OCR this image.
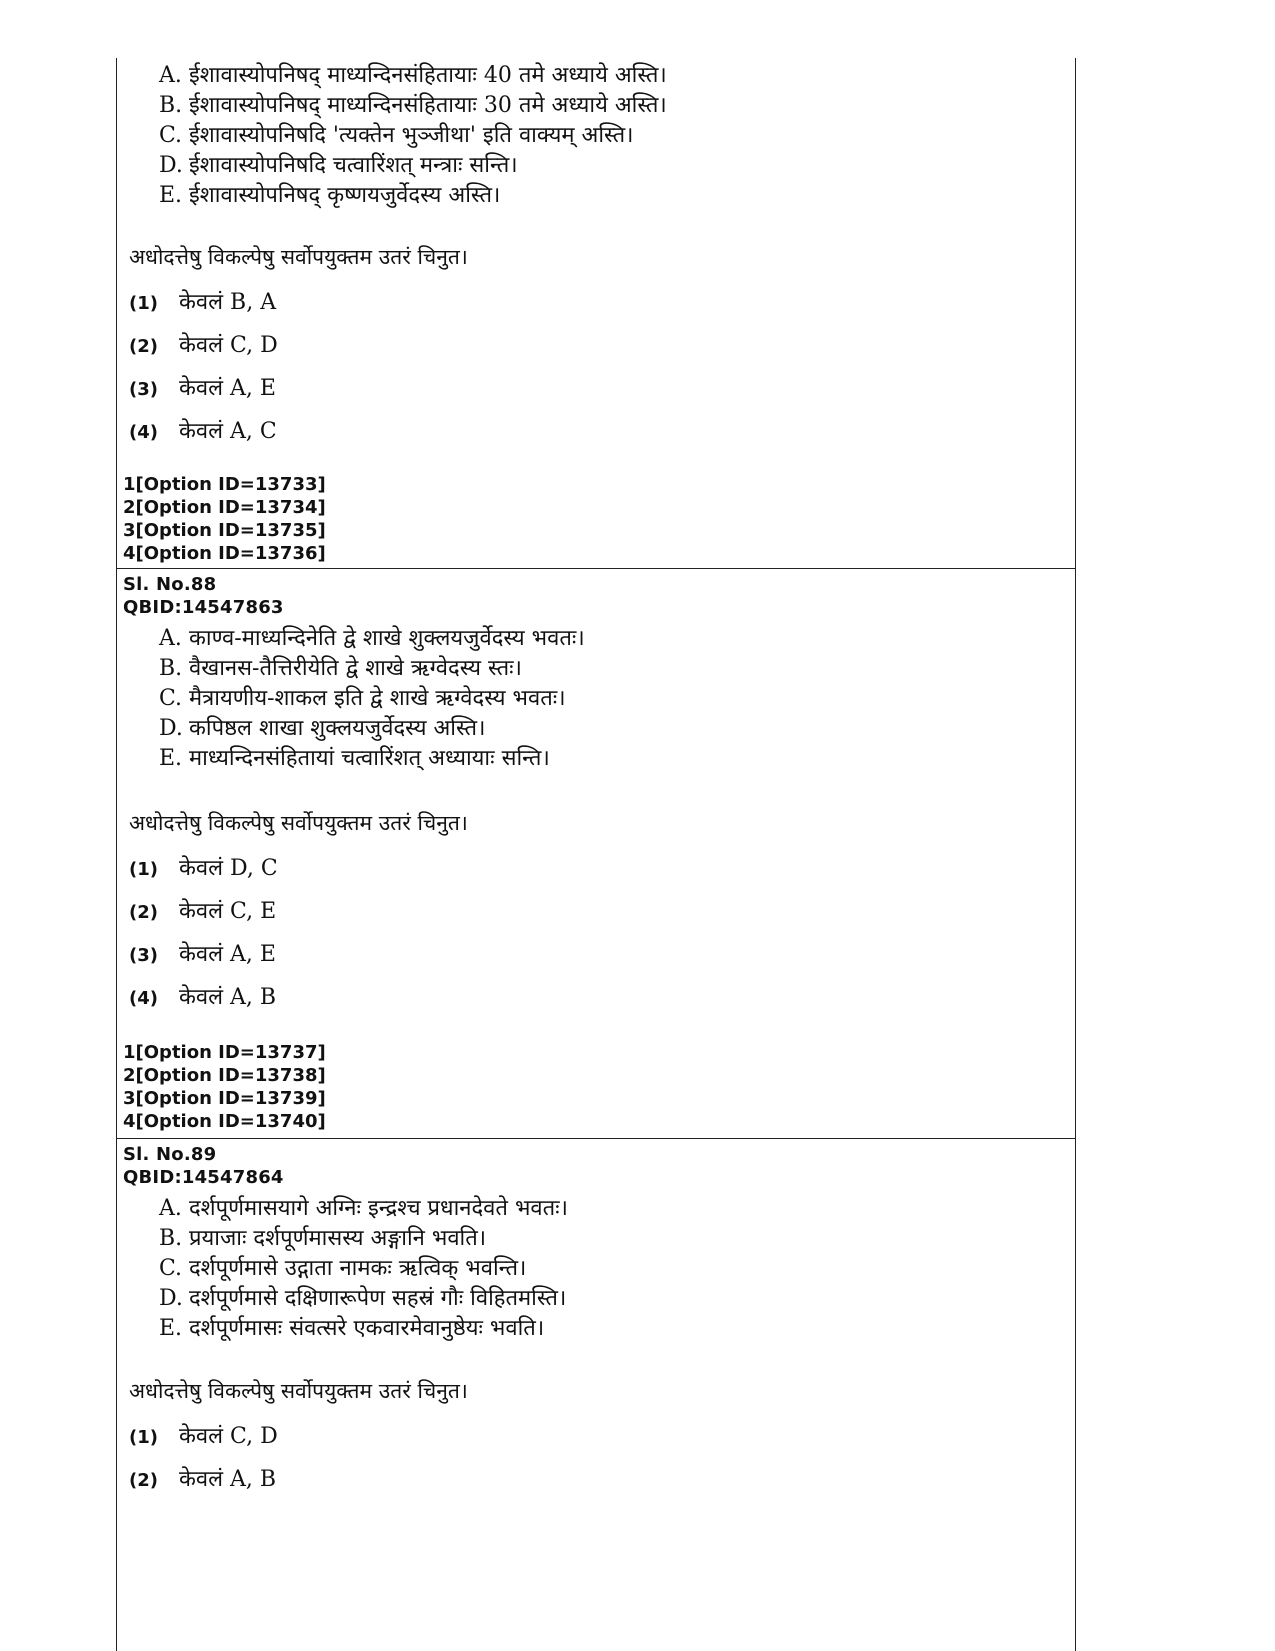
A. ईशावास्योपनिषद् माध्यन्दिनसंहितायाः 40 तमे अध्याये अस्ति।
B. ईशावास्योपनिषद् माध्यन्दिनसंहितायाः 30 तमे अध्याये अस्ति।
C. ईशावास्योपनिषदि 'त्यक्तेन भुञ्जीथा' इति वाक्यम् अस्ति।
D. ईशावास्योपनिषदि चत्वारिंशत् मन्त्राः सन्ति।
E. ईशावास्योपनिषद् कृष्णयजुर्वेदस्य अस्ति।
अधोदत्तेषु विकल्पेषु सर्वोपयुक्तम उतरं चिनुत।
(1) केवलं B, A
(2) केवलं C, D
(3) केवलं A, E
(4) केवलं A, C
1[Option ID=13733]
2[Option ID=13734]
3[Option ID=13735]
4[Option ID=13736]
Sl. No.88
QBID:14547863
A. काण्व-माध्यन्दिनेति द्वे शाखे शुक्लयजुर्वेदस्य भवतः।
B. वैखानस-तैत्तिरीयेति द्वे शाखे ऋग्वेदस्य स्तः।
C. मैत्रायणीय-शाकल इति द्वे शाखे ऋग्वेदस्य भवतः।
D. कपिष्ठल शाखा शुक्लयजुर्वेदस्य अस्ति।
E. माध्यन्दिनसंहितायां चत्वारिंशत् अध्यायाः सन्ति।
अधोदत्तेषु विकल्पेषु सर्वोपयुक्तम उतरं चिनुत।
(1) केवलं D, C
(2) केवलं C, E
(3) केवलं A, E
(4) केवलं A, B
1[Option ID=13737]
2[Option ID=13738]
3[Option ID=13739]
4[Option ID=13740]
Sl. No.89
QBID:14547864
A. दर्शपूर्णमासयागे अग्निः इन्द्रश्च प्रधानदेवते भवतः।
B. प्रयाजाः दर्शपूर्णमासस्य अङ्गानि भवति।
C. दर्शपूर्णमासे उद्गाता नामकः ऋत्विक् भवन्ति।
D. दर्शपूर्णमासे दक्षिणारूपेण सहस्रं गौः विहितमस्ति।
E. दर्शपूर्णमासः संवत्सरे एकवारमेवानुष्ठेयः भवति।
अधोदत्तेषु विकल्पेषु सर्वोपयुक्तम उतरं चिनुत।
(1) केवलं C, D
(2) केवलं A, B
